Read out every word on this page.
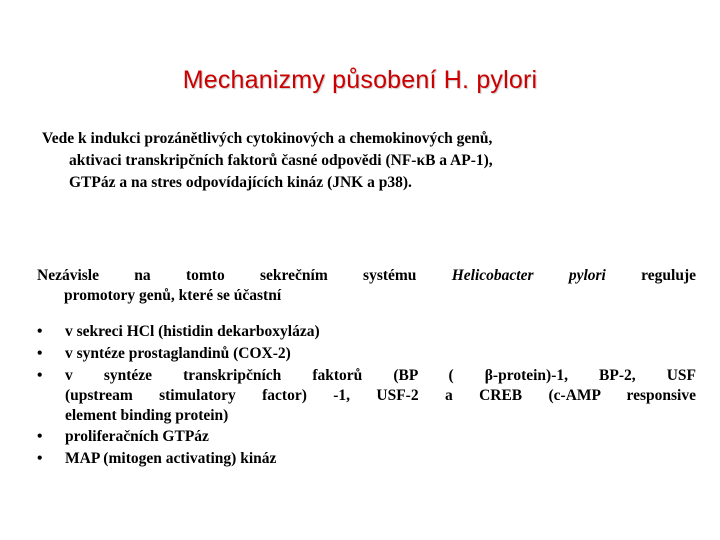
Mechanizmy působení H. pylori
Vede k indukci prozánětlivých cytokinových a chemokinových genů,
aktivaci transkripčních faktorů časné odpovědi (NF-κB a AP-1),
GTPáz a na stres odpovídajících kináz (JNK a p38).
Nezávisle na tomto sekrečním systému Helicobacter pylori reguluje
promotory genů, které se účastní
• v sekreci HCl (histidin dekarboxyláza)
• v syntéze prostaglandinů (COX-2)
• v syntéze transkripčních faktorů (BP ( β-protein)-1, BP-2, USF
(upstream stimulatory factor) -1, USF-2 a CREB (c-AMP responsive
element binding protein)
• proliferačních GTPáz
• MAP (mitogen activating) kináz
